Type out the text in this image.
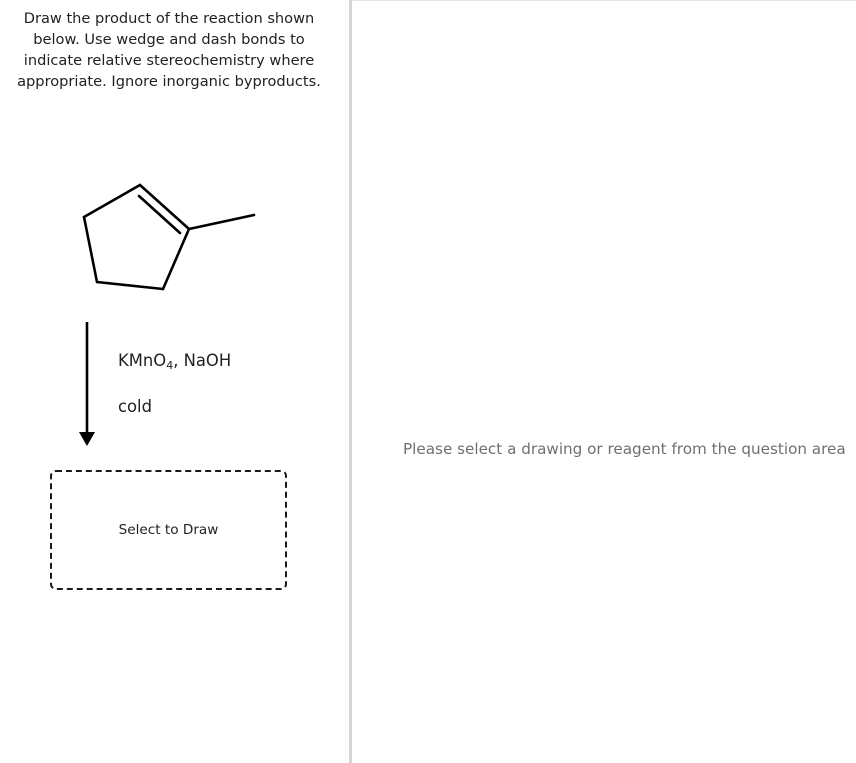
Draw the product of the reaction shown below. Use wedge and dash bonds to indicate relative stereochemistry where appropriate. Ignore inorganic byproducts.

KMnO$_4$, NaOH

cold

Select to Draw

Please select a drawing or reagent from the question area
